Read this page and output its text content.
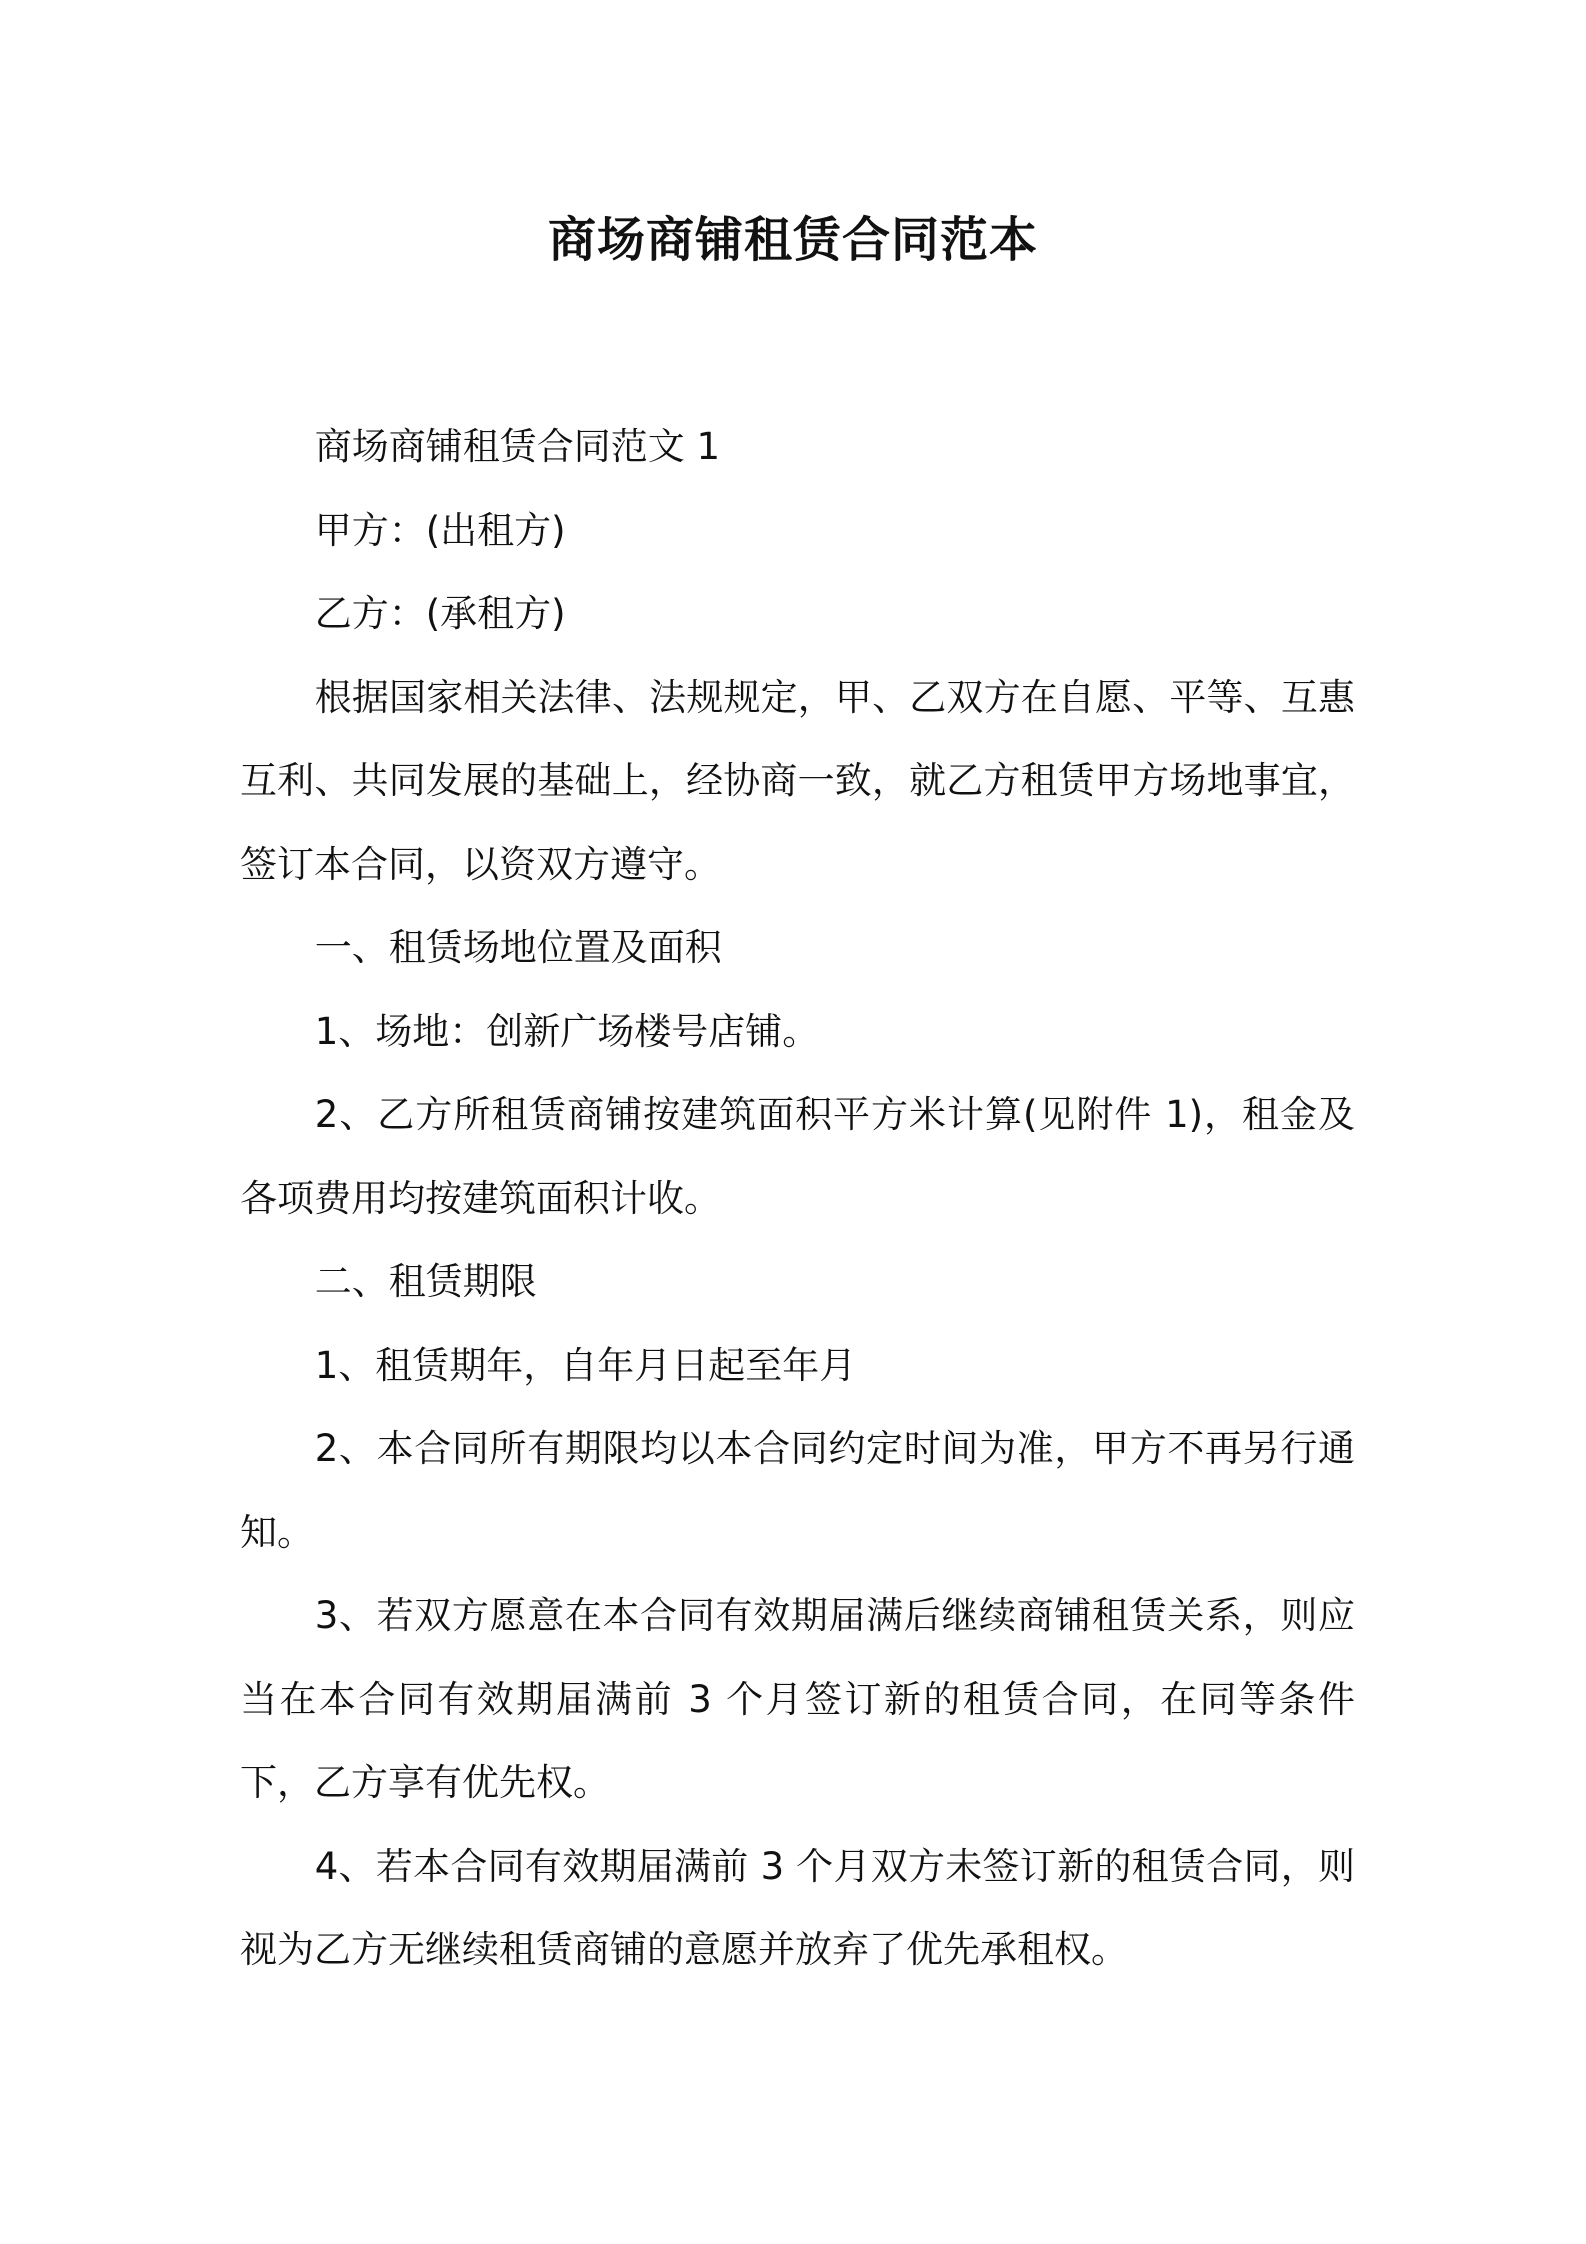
商场商铺租赁合同范本

商场商铺租赁合同范文 1

甲方：(出租方)

乙方：(承租方)

根据国家相关法律、法规规定，甲、乙双方在自愿、平等、互惠互利、共同发展的基础上，经协商一致，就乙方租赁甲方场地事宜，签订本合同，以资双方遵守。

一、租赁场地位置及面积

1、场地：创新广场楼号店铺。

2、乙方所租赁商铺按建筑面积平方米计算(见附件 1)，租金及各项费用均按建筑面积计收。

二、租赁期限

1、租赁期年，自年月日起至年月

2、本合同所有期限均以本合同约定时间为准，甲方不再另行通知。

3、若双方愿意在本合同有效期届满后继续商铺租赁关系，则应当在本合同有效期届满前 3 个月签订新的租赁合同，在同等条件下，乙方享有优先权。

4、若本合同有效期届满前 3 个月双方未签订新的租赁合同，则视为乙方无继续租赁商铺的意愿并放弃了优先承租权。
